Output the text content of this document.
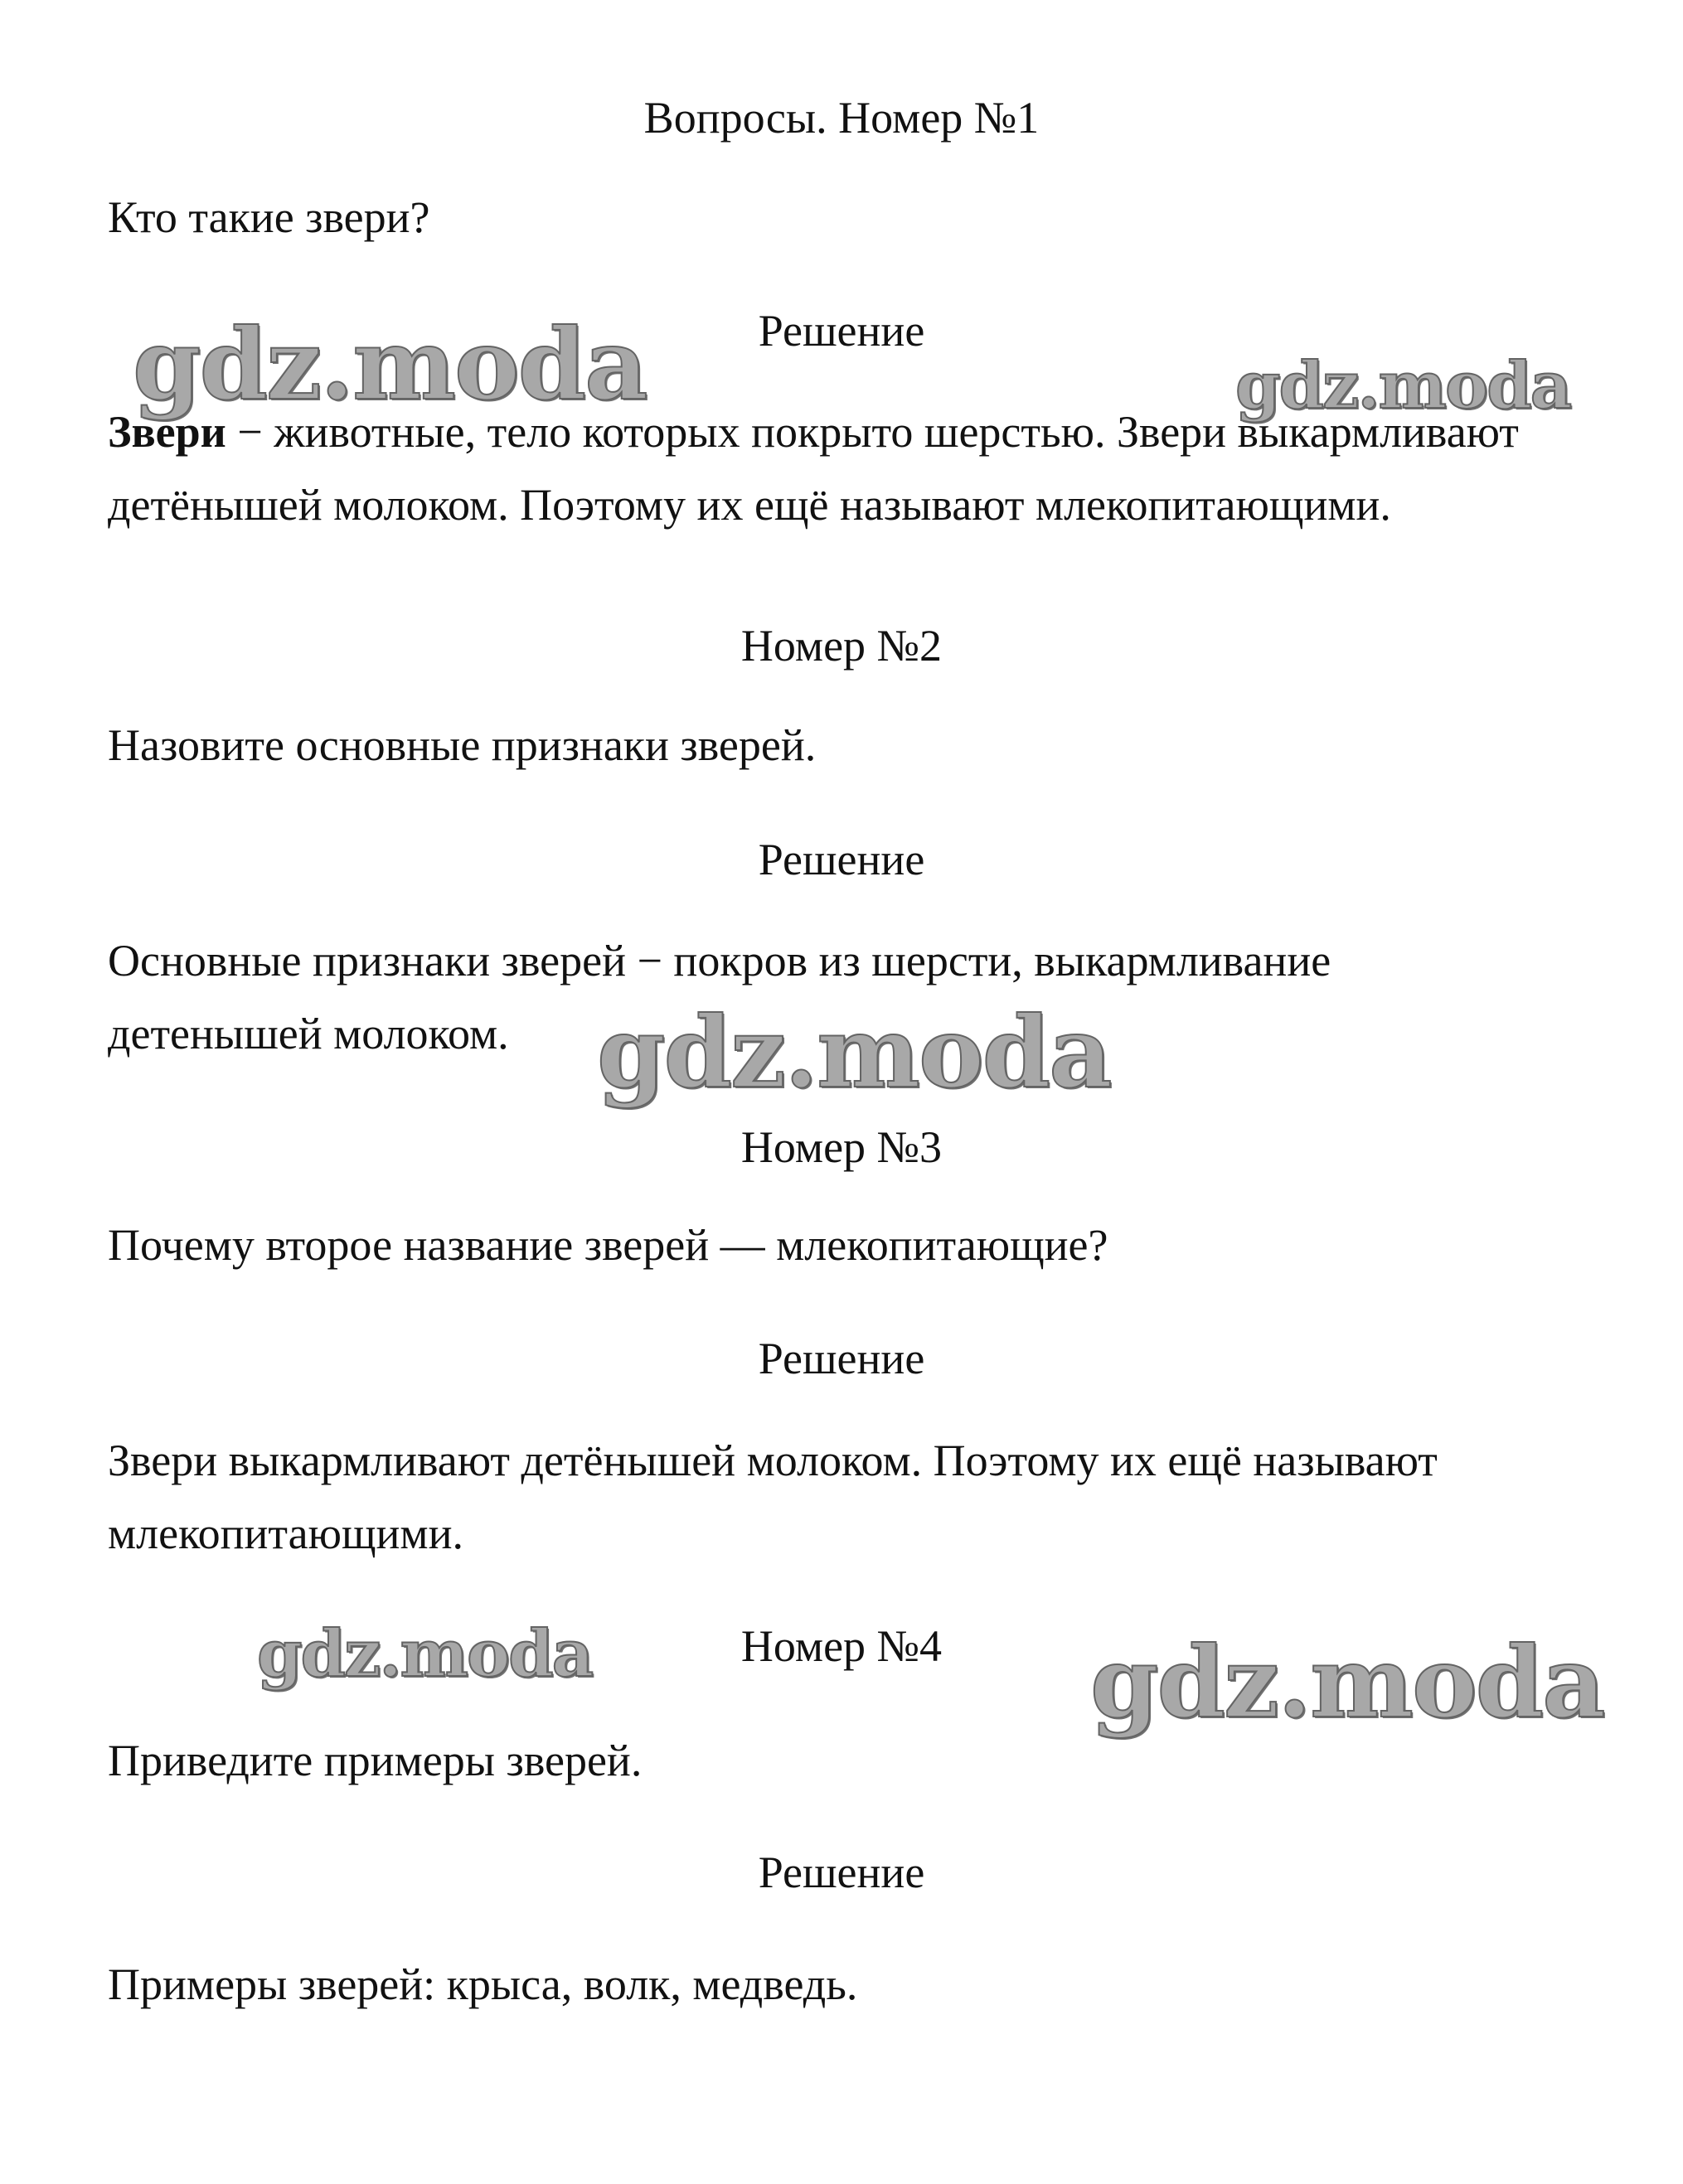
Вопросы. Номер №1

Кто такие звери?

Решение

Звери − животные, тело которых покрыто шерстью. Звери выкармливают детёнышей молоком. Поэтому их ещё называют млекопитающими.

Номер №2

Назовите основные признаки зверей.

Решение

Основные признаки зверей − покров из шерсти, выкармливание детенышей молоком.

Номер №3

Почему второе название зверей — млекопитающие?

Решение

Звери выкармливают детёнышей молоком. Поэтому их ещё называют млекопитающими.

Номер №4

Приведите примеры зверей.

Решение

Примеры зверей: крыса, волк, медведь.

gdz.moda	gdz.moda
gdz.moda
gdz.moda	gdz.moda
